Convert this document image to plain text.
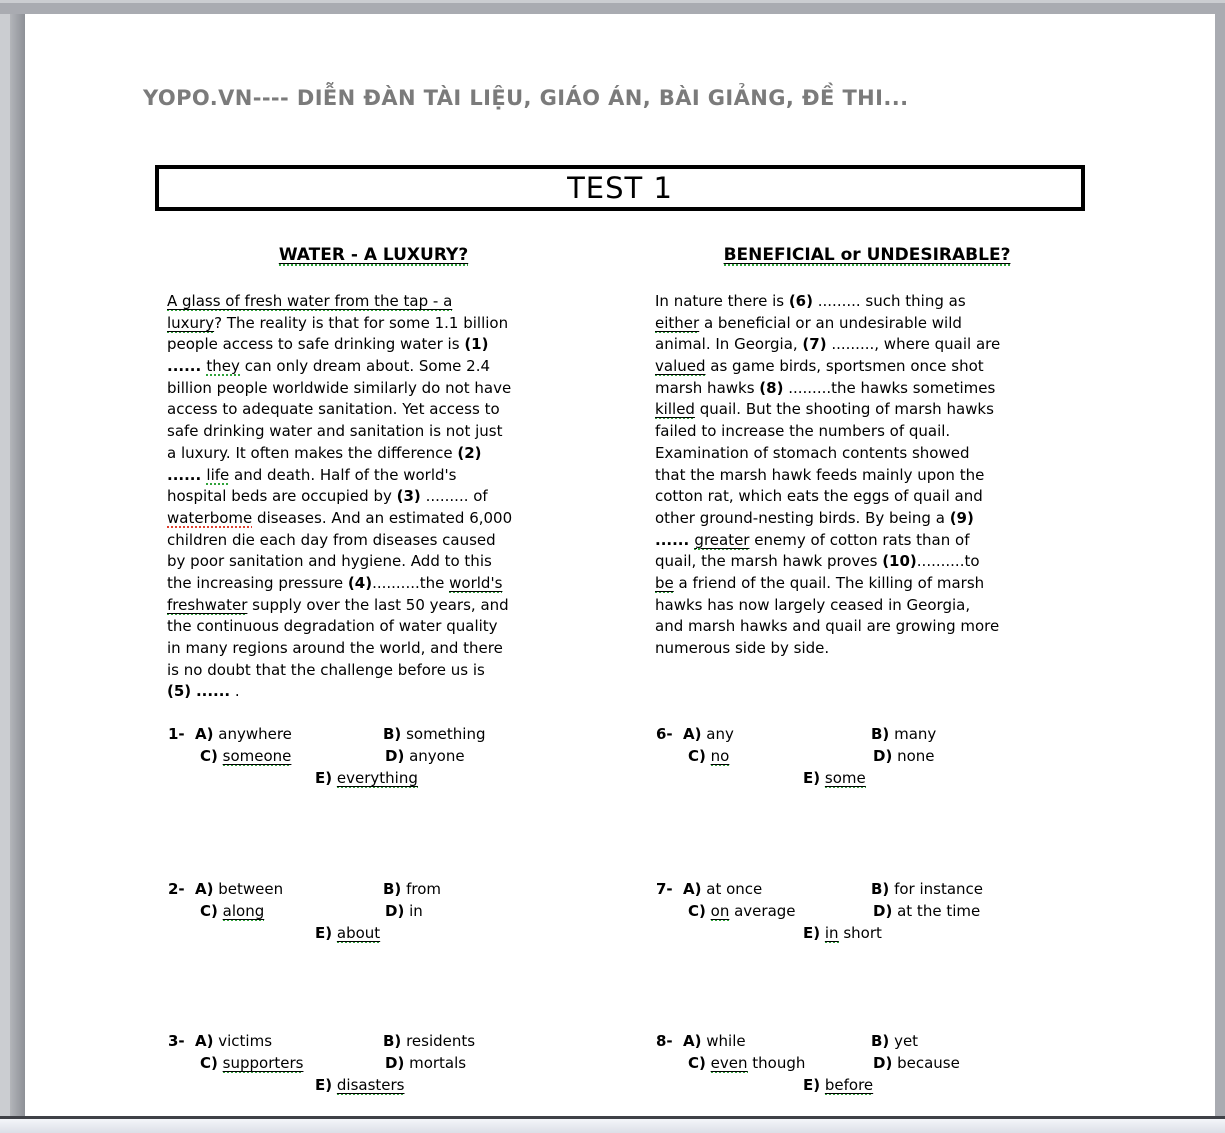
YOPO.VN---- DIỄN ĐÀN TÀI LIỆU, GIÁO ÁN, BÀI GIẢNG, ĐỀ THI...
TEST 1
WATER - A LUXURY?	BENEFICIAL or UNDESIRABLE?
A glass of fresh water from the tap - a
luxury? The reality is that for some 1.1 billion
people access to safe drinking water is (1)
...... they can only dream about. Some 2.4
billion people worldwide similarly do not have
access to adequate sanitation. Yet access to
safe drinking water and sanitation is not just
a luxury. It often makes the difference (2)
...... life and death. Half of the world's
hospital beds are occupied by (3) ......... of
waterbome diseases. And an estimated 6,000
children die each day from diseases caused
by poor sanitation and hygiene. Add to this
the increasing pressure (4)..........the world's
freshwater supply over the last 50 years, and
the continuous degradation of water quality
in many regions around the world, and there
is no doubt that the challenge before us is
(5) ...... .
In nature there is (6) ......... such thing as
either a beneficial or an undesirable wild
animal. In Georgia, (7) ........., where quail are
valued as game birds, sportsmen once shot
marsh hawks (8) .........the hawks sometimes
killed quail. But the shooting of marsh hawks
failed to increase the numbers of quail.
Examination of stomach contents showed
that the marsh hawk feeds mainly upon the
cotton rat, which eats the eggs of quail and
other ground-nesting birds. By being a (9)
...... greater enemy of cotton rats than of
quail, the marsh hawk proves (10)..........to
be a friend of the quail. The killing of marsh
hawks has now largely ceased in Georgia,
and marsh hawks and quail are growing more
numerous side by side.
1- A) anywhere	B) something
C) someone	D) anyone
E) everything
2- A) between	B) from
C) along	D) in
E) about
3- A) victims	B) residents
C) supporters	D) mortals
E) disasters
6- A) any	B) many
C) no	D) none
E) some
7- A) at once	B) for instance
C) on average	D) at the time
E) in short
8- A) while	B) yet
C) even though	D) because
E) before
